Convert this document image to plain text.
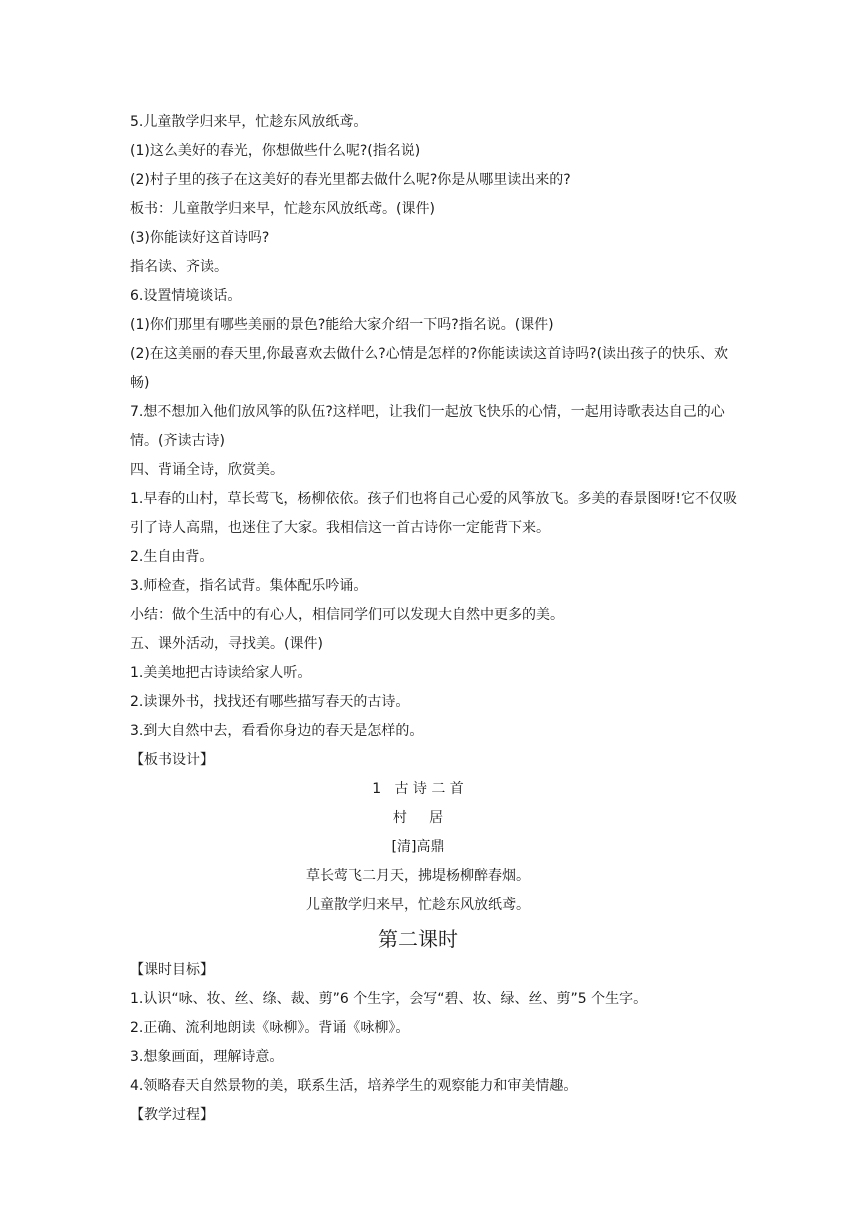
5.儿童散学归来早，忙趁东风放纸鸢。

(1)这么美好的春光，你想做些什么呢?(指名说)

(2)村子里的孩子在这美好的春光里都去做什么呢?你是从哪里读出来的?

板书：儿童散学归来早，忙趁东风放纸鸢。(课件)

(3)你能读好这首诗吗?

指名读、齐读。

6.设置情境谈话。

(1)你们那里有哪些美丽的景色?能给大家介绍一下吗?指名说。(课件)

(2)在这美丽的春天里,你最喜欢去做什么?心情是怎样的?你能读读这首诗吗?(读出孩子的快乐、欢畅)

7.想不想加入他们放风筝的队伍?这样吧，让我们一起放飞快乐的心情，一起用诗歌表达自己的心情。(齐读古诗)

四、背诵全诗，欣赏美。

1.早春的山村，草长莺飞，杨柳依依。孩子们也将自己心爱的风筝放飞。多美的春景图呀!它不仅吸引了诗人高鼎，也迷住了大家。我相信这一首古诗你一定能背下来。

2.生自由背。

3.师检查，指名试背。集体配乐吟诵。

小结：做个生活中的有心人，相信同学们可以发现大自然中更多的美。

五、课外活动，寻找美。(课件)

1.美美地把古诗读给家人听。

2.读课外书，找找还有哪些描写春天的古诗。

3.到大自然中去，看看你身边的春天是怎样的。

【板书设计】

1   古 诗 二 首

村     居

[清]高鼎

草长莺飞二月天，拂堤杨柳醉春烟。

儿童散学归来早，忙趁东风放纸鸢。

第二课时

【课时目标】

1.认识“咏、妆、丝、绦、裁、剪”6 个生字，会写“碧、妆、绿、丝、剪”5 个生字。

2.正确、流利地朗读《咏柳》。背诵《咏柳》。

3.想象画面，理解诗意。

4.领略春天自然景物的美，联系生活，培养学生的观察能力和审美情趣。

【教学过程】
